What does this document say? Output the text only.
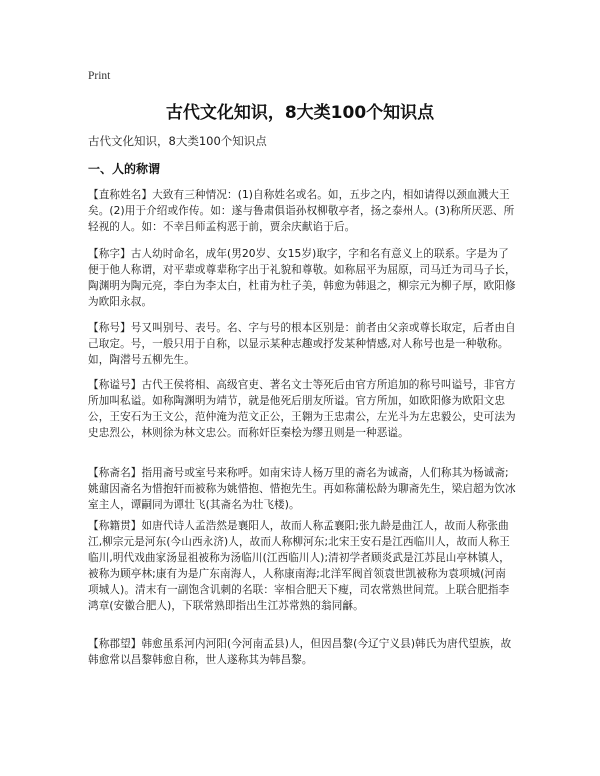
Print
古代文化知识，8大类100个知识点
古代文化知识，8大类100个知识点
一、人的称谓

【直称姓名】大致有三种情况：(1)自称姓名或名。如，五步之内，相如请得以颈血溅大王矣。(2)用于介绍或作传。如：遂与鲁肃俱诣孙权柳敬亭者，扬之泰州人。(3)称所厌恶、所轻视的人。如：不幸吕师孟构恶于前，贾余庆献谄于后。

【称字】古人幼时命名，成年(男20岁、女15岁)取字，字和名有意义上的联系。字是为了便于他人称谓，对平辈或尊辈称字出于礼貌和尊敬。如称屈平为屈原，司马迁为司马子长，陶渊明为陶元亮，李白为李太白，杜甫为杜子美，韩愈为韩退之，柳宗元为柳子厚，欧阳修为欧阳永叔。

【称号】号又叫别号、表号。名、字与号的根本区别是：前者由父亲或尊长取定，后者由自己取定。号，一般只用于自称，以显示某种志趣或抒发某种情感,对人称号也是一种敬称。如，陶潜号五柳先生。

【称谥号】古代王侯将相、高级官吏、著名文士等死后由官方所追加的称号叫谥号，非官方所加叫私谥。如称陶渊明为靖节，就是他死后朋友所谥。官方所加，如欧阳修为欧阳文忠公，王安石为王文公，范仲淹为范文正公，王翱为王忠肃公，左光斗为左忠毅公，史可法为史忠烈公，林则徐为林文忠公。而称奸臣秦桧为缪丑则是一种恶谥。

【称斋名】指用斋号或室号来称呼。如南宋诗人杨万里的斋名为诚斋，人们称其为杨诚斋;姚鼐因斋名为惜抱轩而被称为姚惜抱、惜抱先生。再如称蒲松龄为聊斋先生，梁启超为饮冰室主人，谭嗣同为谭壮飞(其斋名为壮飞楼)。

【称籍贯】如唐代诗人孟浩然是襄阳人，故而人称孟襄阳;张九龄是曲江人，故而人称张曲江,柳宗元是河东(今山西永济)人，故而人称柳河东;北宋王安石是江西临川人，故而人称王临川,明代戏曲家汤显祖被称为汤临川(江西临川人);清初学者顾炎武是江苏昆山亭林镇人，被称为顾亭林;康有为是广东南海人，人称康南海;北洋军阀首领袁世凯被称为袁项城(河南项城人)。清末有一副饱含讥刺的名联：宰相合肥天下瘦，司农常熟世间荒。上联合肥指李鸿章(安徽合肥人)，下联常熟即指出生江苏常熟的翁同龢。

【称郡望】韩愈虽系河内河阳(今河南孟县)人，但因昌黎(今辽宁义县)韩氏为唐代望族，故韩愈常以昌黎韩愈自称，世人遂称其为韩昌黎。
